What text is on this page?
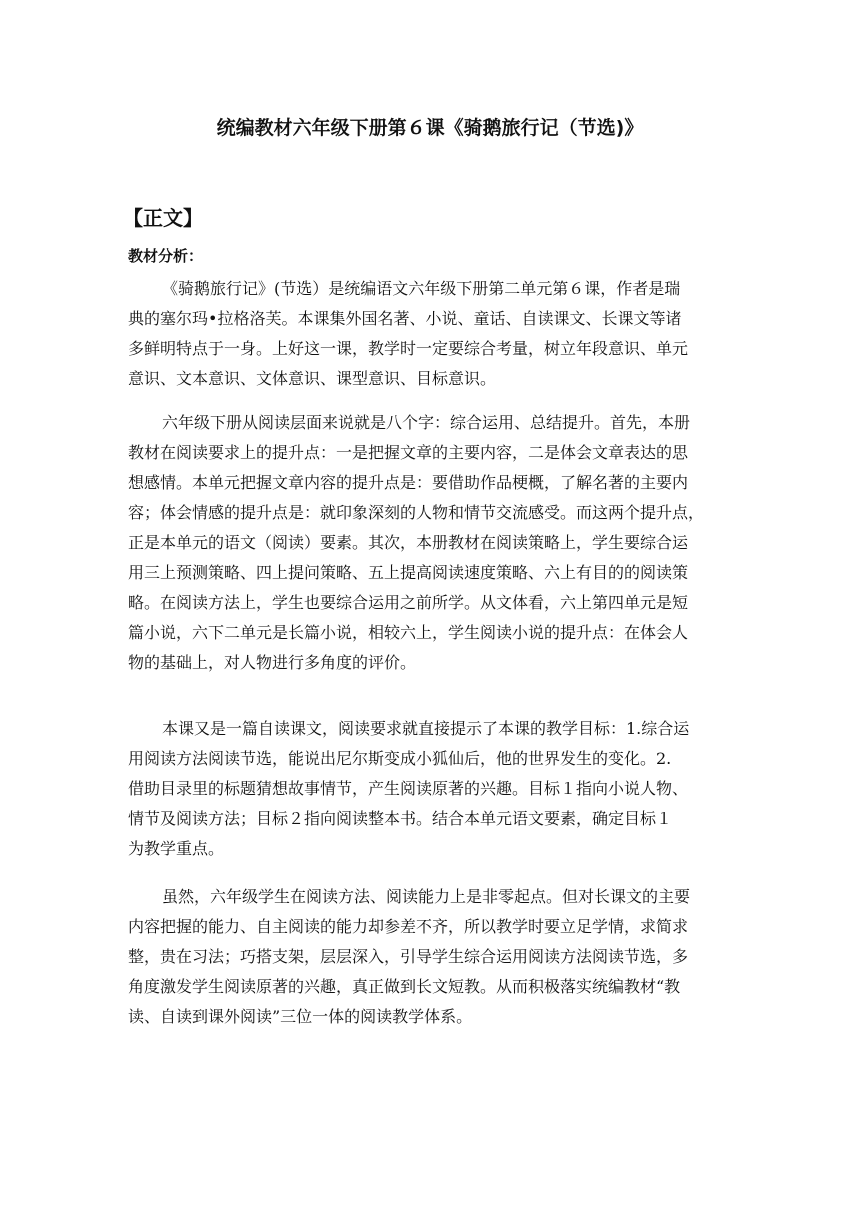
统编教材六年级下册第６课《骑鹅旅行记（节选)》
【正文】
教材分析：
《骑鹅旅行记》(节选）是统编语文六年级下册第二单元第６课，作者是瑞
典的塞尔玛•拉格洛芙。本课集外国名著、小说、童话、自读课文、长课文等诸
多鲜明特点于一身。上好这一课，教学时一定要综合考量，树立年段意识、单元
意识、文本意识、文体意识、课型意识、目标意识。
六年级下册从阅读层面来说就是八个字：综合运用、总结提升。首先，本册
教材在阅读要求上的提升点：一是把握文章的主要内容，二是体会文章表达的思
想感情。本单元把握文章内容的提升点是：要借助作品梗概，了解名著的主要内
容；体会情感的提升点是：就印象深刻的人物和情节交流感受。而这两个提升点，
正是本单元的语文（阅读）要素。其次，本册教材在阅读策略上，学生要综合运
用三上预测策略、四上提问策略、五上提高阅读速度策略、六上有目的的阅读策
略。在阅读方法上，学生也要综合运用之前所学。从文体看，六上第四单元是短
篇小说，六下二单元是长篇小说，相较六上，学生阅读小说的提升点：在体会人
物的基础上，对人物进行多角度的评价。
本课又是一篇自读课文，阅读要求就直接提示了本课的教学目标：1.综合运
用阅读方法阅读节选，能说出尼尔斯变成小狐仙后，他的世界发生的变化。2.
借助目录里的标题猜想故事情节，产生阅读原著的兴趣。目标１指向小说人物、
情节及阅读方法；目标２指向阅读整本书。结合本单元语文要素，确定目标１
为教学重点。
虽然，六年级学生在阅读方法、阅读能力上是非零起点。但对长课文的主要
内容把握的能力、自主阅读的能力却参差不齐，所以教学时要立足学情，求简求
整，贵在习法；巧搭支架，层层深入，引导学生综合运用阅读方法阅读节选，多
角度激发学生阅读原著的兴趣，真正做到长文短教。从而积极落实统编教材“教
读、自读到课外阅读”三位一体的阅读教学体系。
